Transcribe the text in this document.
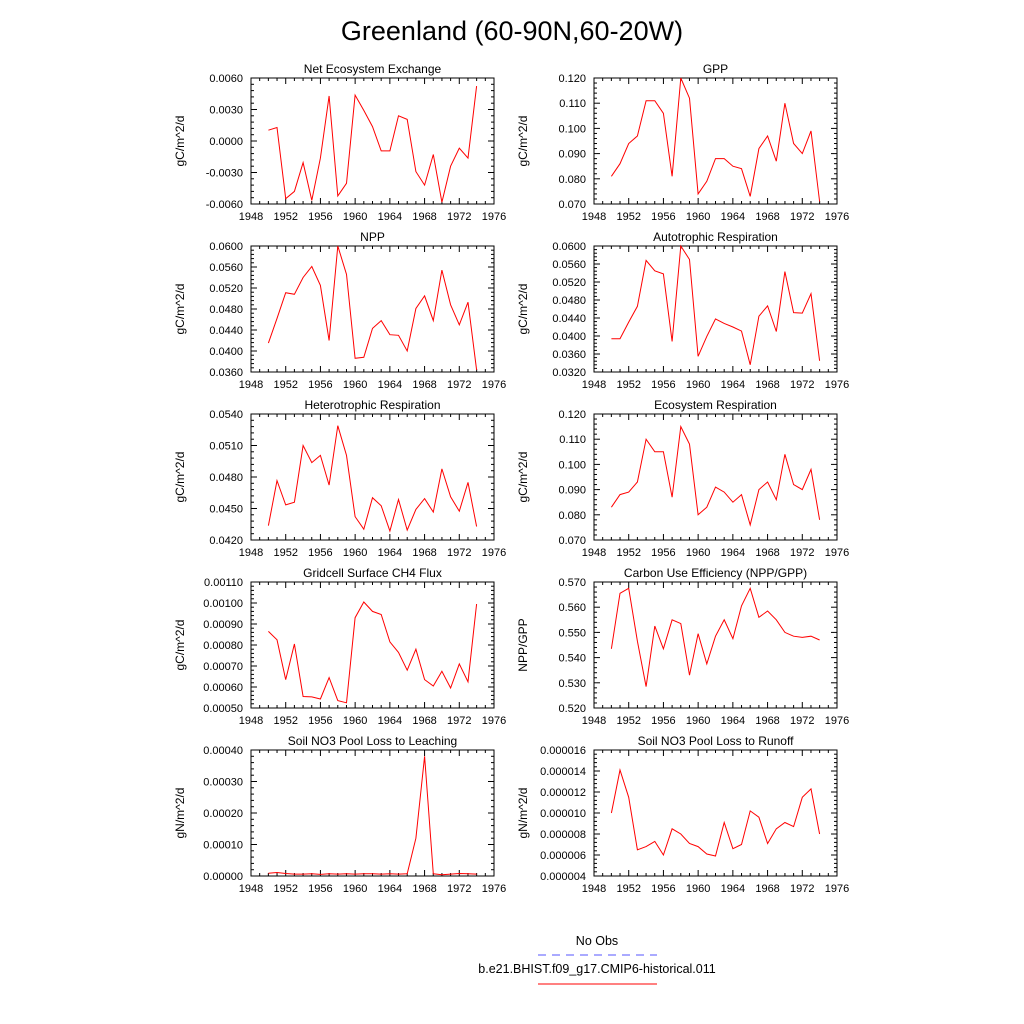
Greenland (60-90N,60-20W)
Net Ecosystem Exchange
gC/m^2/d
1948 1952 1956 1960 1964 1968 1972 1976
-0.0060
-0.0030
0.0000
0.0030
0.0060
GPP
gC/m^2/d
1948 1952 1956 1960 1964 1968 1972 1976
0.070
0.080
0.090
0.100
0.110
0.120
NPP
gC/m^2/d
1948 1952 1956 1960 1964 1968 1972 1976
0.0360
0.0400
0.0440
0.0480
0.0520
0.0560
0.0600
Autotrophic Respiration
gC/m^2/d
1948 1952 1956 1960 1964 1968 1972 1976
0.0320
0.0360
0.0400
0.0440
0.0480
0.0520
0.0560
0.0600
Heterotrophic Respiration
gC/m^2/d
1948 1952 1956 1960 1964 1968 1972 1976
0.0420
0.0450
0.0480
0.0510
0.0540
Ecosystem Respiration
gC/m^2/d
1948 1952 1956 1960 1964 1968 1972 1976
0.070
0.080
0.090
0.100
0.110
0.120
Gridcell Surface CH4 Flux
gC/m^2/d
1948 1952 1956 1960 1964 1968 1972 1976
0.00050
0.00060
0.00070
0.00080
0.00090
0.00100
0.00110
Carbon Use Efficiency (NPP/GPP)
NPP/GPP
1948 1952 1956 1960 1964 1968 1972 1976
0.520
0.530
0.540
0.550
0.560
0.570
Soil NO3 Pool Loss to Leaching
gN/m^2/d
1948 1952 1956 1960 1964 1968 1972 1976
0.00000
0.00010
0.00020
0.00030
0.00040
Soil NO3 Pool Loss to Runoff
gN/m^2/d
1948 1952 1956 1960 1964 1968 1972 1976
0.000004
0.000006
0.000008
0.000010
0.000012
0.000014
0.000016
No Obs
b.e21.BHIST.f09_g17.CMIP6-historical.011
